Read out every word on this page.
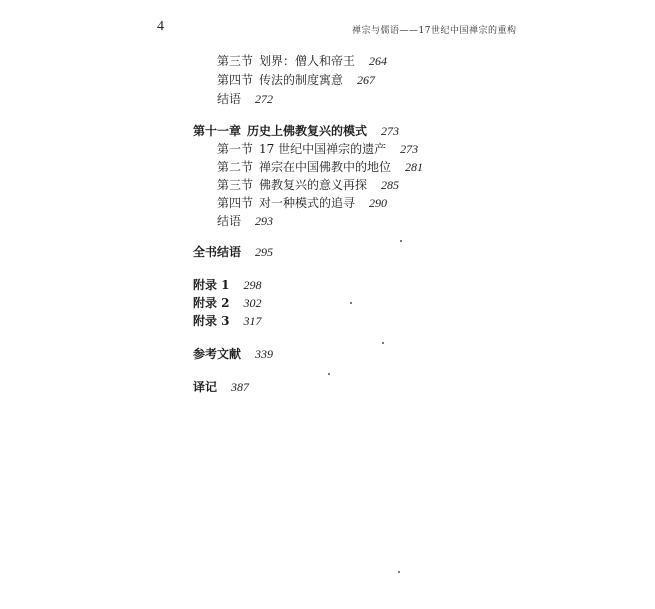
4	禅宗与儒语——17世纪中国禅宗的重构
第三节 划界：僧人和帝王 264
第四节 传法的制度寓意 267
结语 272
第十一章 历史上佛教复兴的模式 273
第一节 17 世纪中国禅宗的遗产 273
第二节 禅宗在中国佛教中的地位 281
第三节 佛教复兴的意义再探 285
第四节 对一种模式的追寻 290
结语 293
全书结语 295
附录 1 298
附录 2 302
附录 3 317
参考文献 339
译记 387
